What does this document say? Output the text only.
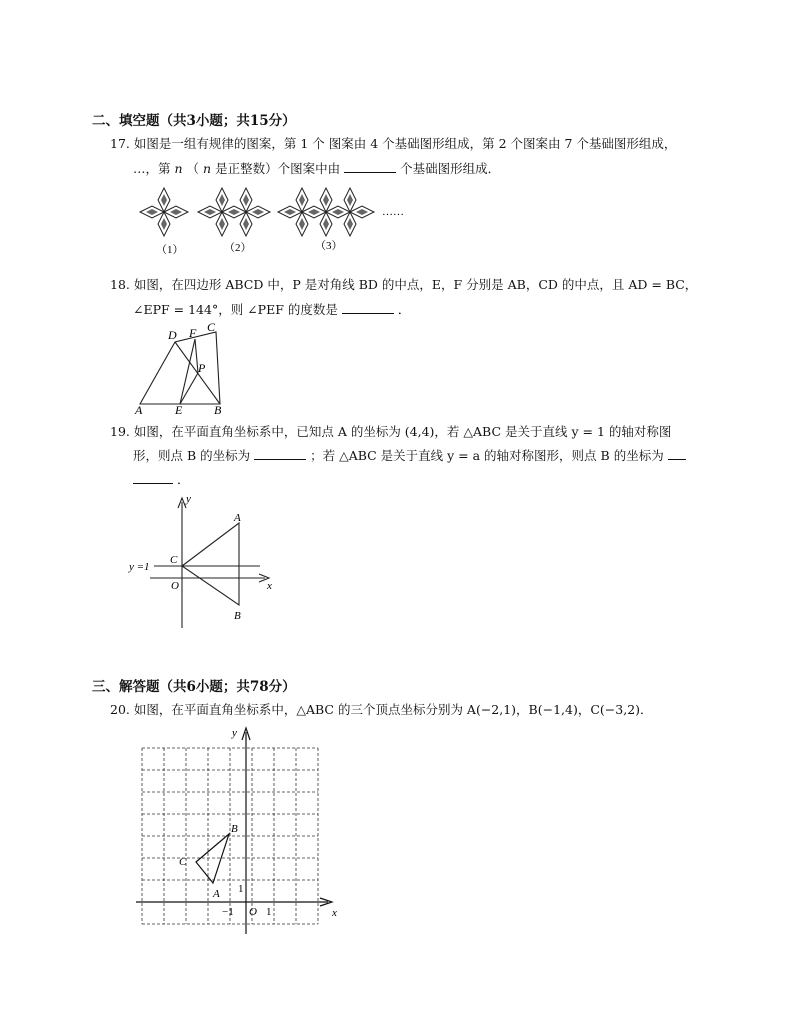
二、填空题（共3小题；共15分）
17. 如图是一组有规律的图案，第 1 个 图案由 4 个基础图形组成，第 2 个图案由 7 个基础图形组成，
…，第 n （ n 是正整数）个图案中由	个基础图形组成．
……
（1）	（2）	（3）
18. 如图，在四边形 ABCD 中，P 是对角线 BD 的中点，E，F 分别是 AB，CD 的中点，且 AD = BC，
∠EPF = 144°，则 ∠PEF 的度数是	．
D F C
P
A	E	B
19. 如图，在平面直角坐标系中，已知点 A 的坐标为 (4,4)，若 △ABC 是关于直线 y = 1 的轴对称图
形，则点 B 的坐标为	；若 △ABC 是关于直线 y = a 的轴对称图形，则点 B 的坐标为
．
y
x
A
B
C
O
y =1
三、解答题（共6小题；共78分）
20. 如图，在平面直角坐标系中，△ABC 的三个顶点坐标分别为 A(−2,1)，B(−1,4)，C(−3,2)．
y
x
B
C
A
O
1
−1	1
